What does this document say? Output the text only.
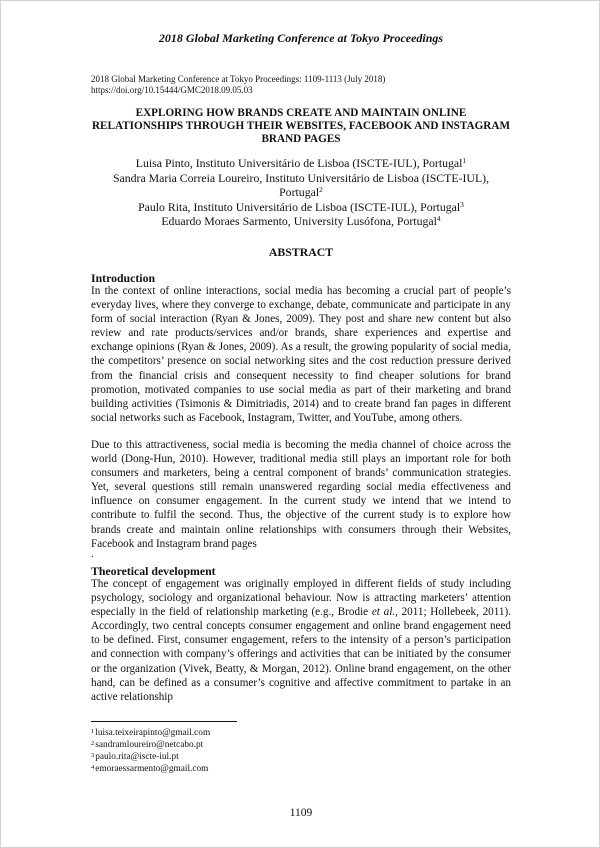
2018 Global Marketing Conference at Tokyo Proceedings
2018 Global Marketing Conference at Tokyo Proceedings: 1109-1113 (July 2018)
https://doi.org/10.15444/GMC2018.09.05.03
EXPLORING HOW BRANDS CREATE AND MAINTAIN ONLINE RELATIONSHIPS THROUGH THEIR WEBSITES, FACEBOOK AND INSTAGRAM BRAND PAGES
Luisa Pinto, Instituto Universitário de Lisboa (ISCTE-IUL), Portugal$^1$
Sandra Maria Correia Loureiro, Instituto Universitário de Lisboa (ISCTE-IUL), Portugal$^2$
Paulo Rita, Instituto Universitário de Lisboa (ISCTE-IUL), Portugal$^3$
Eduardo Moraes Sarmento, University Lusófona, Portugal$^4$
ABSTRACT
Introduction

In the context of online interactions, social media has becoming a crucial part of people’s everyday lives, where they converge to exchange, debate, communicate and participate in any form of social interaction (Ryan & Jones, 2009). They post and share new content but also review and rate products/services and/or brands, share experiences and expertise and exchange opinions (Ryan & Jones, 2009). As a result, the growing popularity of social media, the competitors’ presence on social networking sites and the cost reduction pressure derived from the financial crisis and consequent necessity to find cheaper solutions for brand promotion, motivated companies to use social media as part of their marketing and brand building activities (Tsimonis & Dimitriadis, 2014) and to create brand fan pages in different social networks such as Facebook, Instagram, Twitter, and YouTube, among others.

Due to this attractiveness, social media is becoming the media channel of choice across the world (Dong-Hun, 2010). However, traditional media still plays an important role for both consumers and marketers, being a central component of brands’ communication strategies. Yet, several questions still remain unanswered regarding social media effectiveness and influence on consumer engagement. In the current study we intend that we intend to contribute to fulfil the second. Thus, the objective of the current study is to explore how brands create and maintain online relationships with consumers through their Websites, Facebook and Instagram brand pages

.
Theoretical development

The concept of engagement was originally employed in different fields of study including psychology, sociology and organizational behaviour. Now is attracting marketers’ attention especially in the field of relationship marketing (e.g., Brodie et al., 2011; Hollebeek, 2011). Accordingly, two central concepts consumer engagement and online brand engagement need to be defined. First, consumer engagement, refers to the intensity of a person’s participation and connection with company’s offerings and activities that can be initiated by the consumer or the organization (Vivek, Beatty, & Morgan, 2012). Online brand engagement, on the other hand, can be defined as a consumer’s cognitive and affective commitment to partake in an active relationship

$^1$luisa.teixeirapinto@gmail.com
$^2$sandramloureiro@netcabo.pt
$^3$paulo.rita@iscte-iul.pt
$^4$emoraessarmento@gmail.com
1109
